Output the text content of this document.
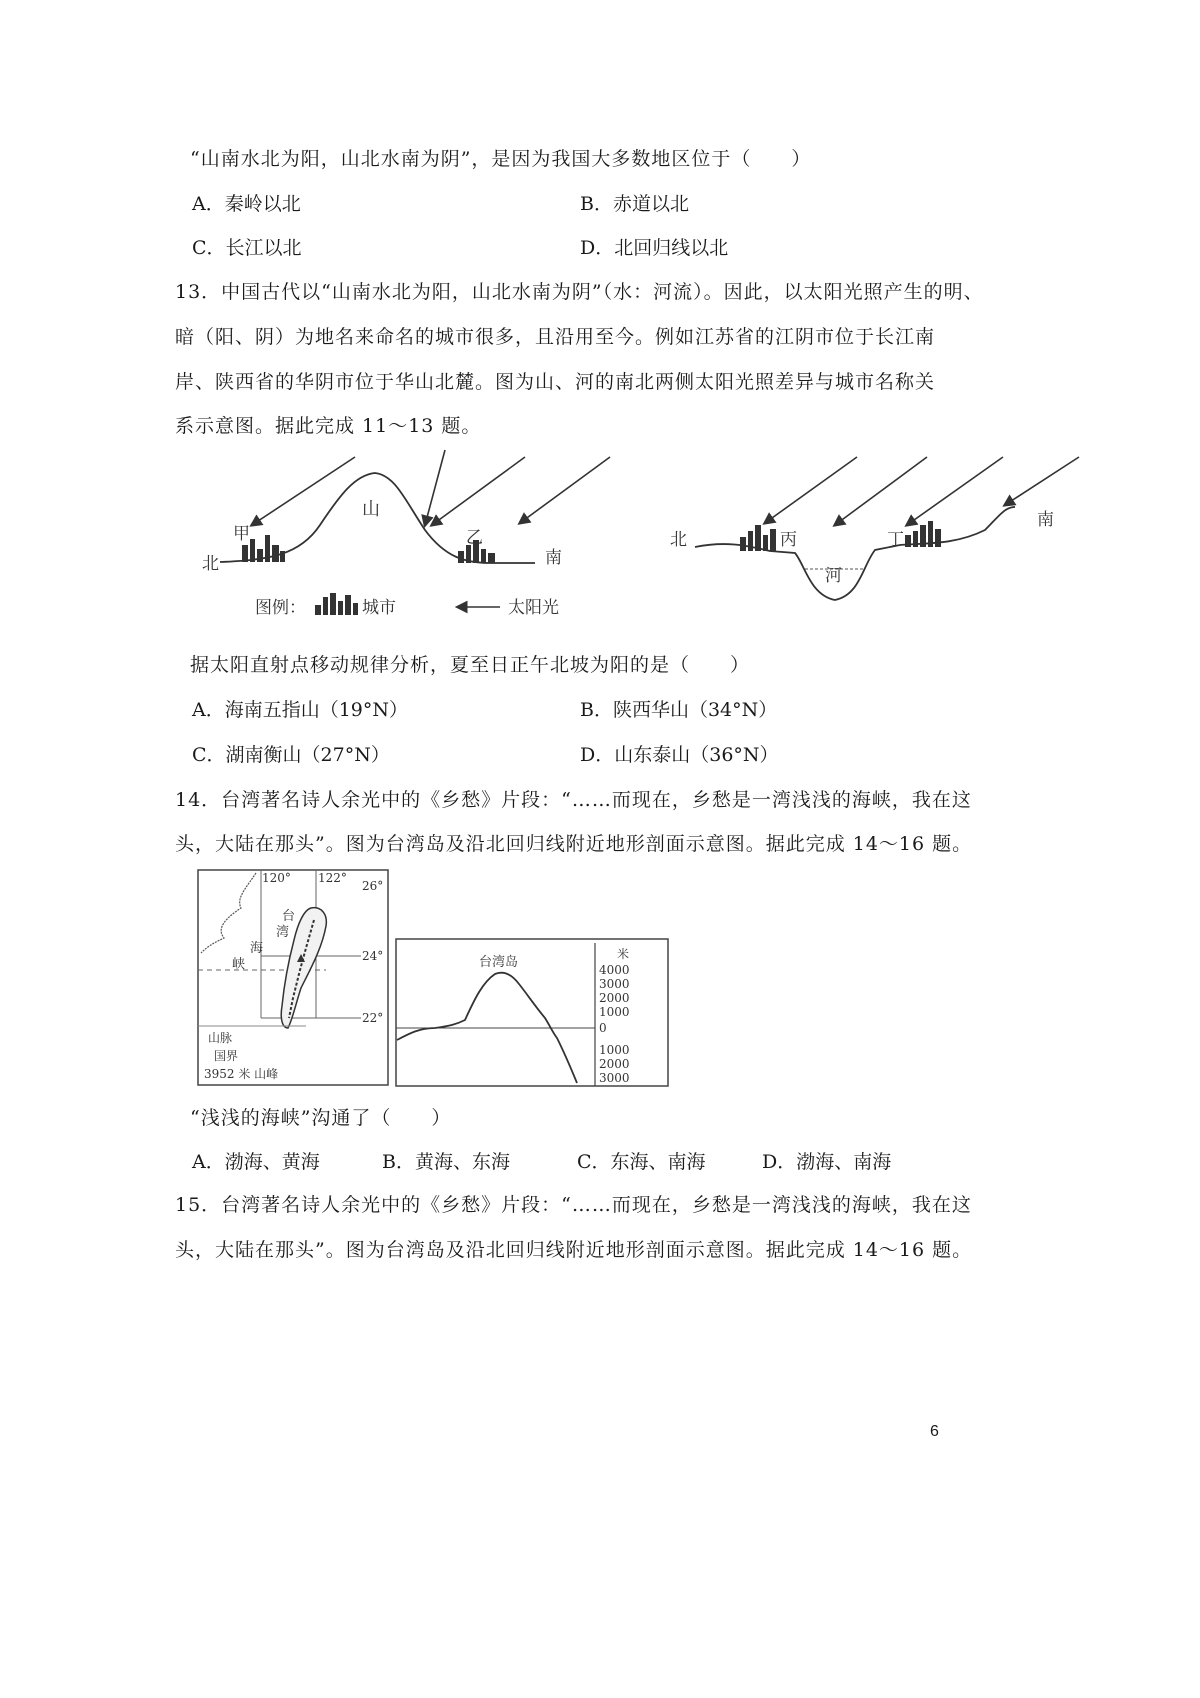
“山南水北为阳，山北水南为阴”，是因为我国大多数地区位于（　　）
A．秦岭以北	B．赤道以北
C．长江以北	D．北回归线以北
13．中国古代以“山南水北为阳，山北水南为阴”（水：河流）。因此，以太阳光照产生的明、
暗（阳、阴）为地名来命名的城市很多，且沿用至今。例如江苏省的江阴市位于长江南
岸、陕西省的华阴市位于华山北麓。图为山、河的南北两侧太阳光照差异与城市名称关
系示意图。据此完成 11～13 题。
山
甲
北
乙
南
图例：	城市	太阳光
北	丙	丁
河
南
据太阳直射点移动规律分析，夏至日正午北坡为阳的是（　　）
A．海南五指山（19°N）	B．陕西华山（34°N）
C．湖南衡山（27°N）	D．山东泰山（36°N）
14．台湾著名诗人余光中的《乡愁》片段：“……而现在，乡愁是一湾浅浅的海峡，我在这
头，大陆在那头”。图为台湾岛及沿北回归线附近地形剖面示意图。据此完成 14～16 题。
120° 122°
26°
24°
22°
台
湾
海
峡
山脉
国界
3952 米 山峰
台湾岛
米
4000
3000
2000
1000
0
1000
2000
3000
“浅浅的海峡”沟通了（　　）
A．渤海、黄海	B．黄海、东海	C．东海、南海	D．渤海、南海
15．台湾著名诗人余光中的《乡愁》片段：“……而现在，乡愁是一湾浅浅的海峡，我在这
头，大陆在那头”。图为台湾岛及沿北回归线附近地形剖面示意图。据此完成 14～16 题。
6
